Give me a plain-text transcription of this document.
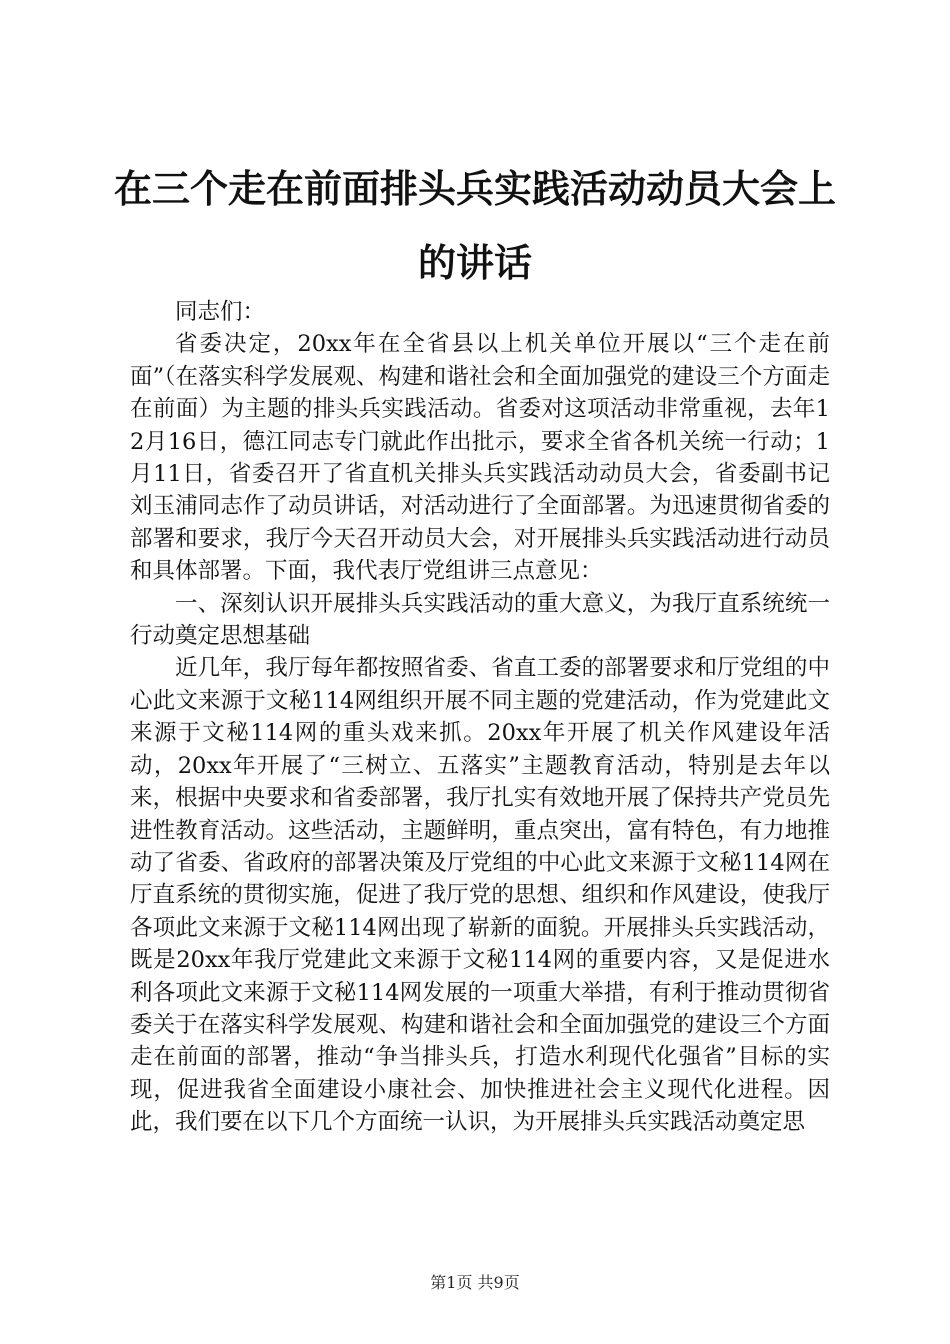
在三个走在前面排头兵实践活动动员大会上的讲话

同志们：

省委决定，20xx年在全省县以上机关单位开展以“三个走在前面”（在落实科学发展观、构建和谐社会和全面加强党的建设三个方面走在前面）为主题的排头兵实践活动。省委对这项活动非常重视，去年12月16日，德江同志专门就此作出批示，要求全省各机关统一行动；1月11日，省委召开了省直机关排头兵实践活动动员大会，省委副书记刘玉浦同志作了动员讲话，对活动进行了全面部署。为迅速贯彻省委的部署和要求，我厅今天召开动员大会，对开展排头兵实践活动进行动员和具体部署。下面，我代表厅党组讲三点意见：

一、深刻认识开展排头兵实践活动的重大意义，为我厅直系统统一行动奠定思想基础

近几年，我厅每年都按照省委、省直工委的部署要求和厅党组的中心此文来源于文秘114网组织开展不同主题的党建活动，作为党建此文来源于文秘114网的重头戏来抓。20xx年开展了机关作风建设年活动，20xx年开展了“三树立、五落实”主题教育活动，特别是去年以来，根据中央要求和省委部署，我厅扎实有效地开展了保持共产党员先进性教育活动。这些活动，主题鲜明，重点突出，富有特色，有力地推动了省委、省政府的部署决策及厅党组的中心此文来源于文秘114网在厅直系统的贯彻实施，促进了我厅党的思想、组织和作风建设，使我厅各项此文来源于文秘114网出现了崭新的面貌。开展排头兵实践活动，既是20xx年我厅党建此文来源于文秘114网的重要内容，又是促进水利各项此文来源于文秘114网发展的一项重大举措，有利于推动贯彻省委关于在落实科学发展观、构建和谐社会和全面加强党的建设三个方面走在前面的部署，推动“争当排头兵，打造水利现代化强省”目标的实现，促进我省全面建设小康社会、加快推进社会主义现代化进程。因此，我们要在以下几个方面统一认识，为开展排头兵实践活动奠定思

第1页 共9页
